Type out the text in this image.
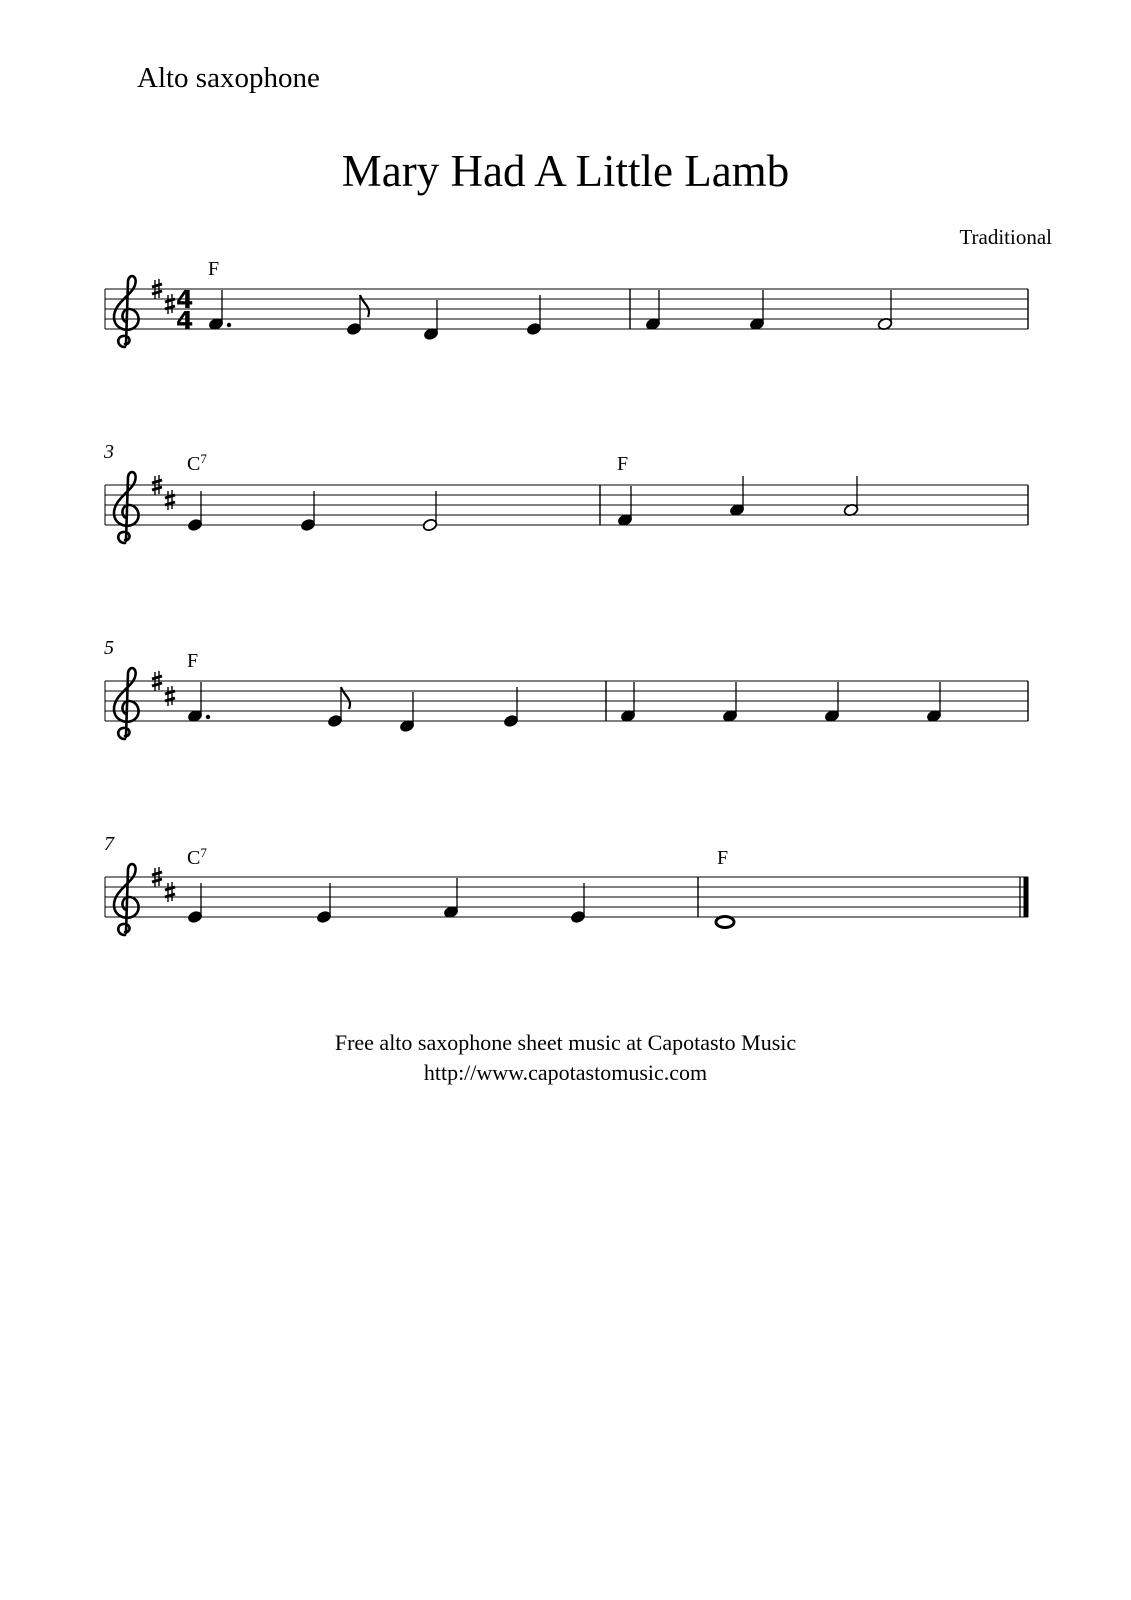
Alto saxophone
Mary Had A Little Lamb
Traditional
4
4
F
3
$C^7$	F
5
F
7
$C^7$	F
Free alto saxophone sheet music at Capotasto Music
http://www.capotastomusic.com
